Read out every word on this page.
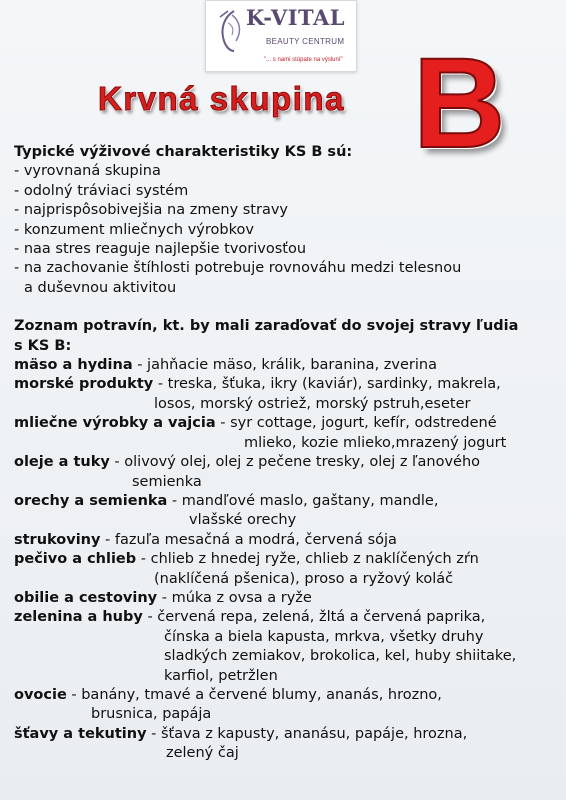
K-VITAL
BEAUTY CENTRUM
"... s nami stúpate na výsluní"
Krvná skupina B
Typické výživové charakteristiky KS B sú:
- vyrovnaná skupina
- odolný tráviaci systém
- najprispôsobivejšia na zmeny stravy
- konzument mliečnych výrobkov
- naa stres reaguje najlepšie tvorivosťou
- na zachovanie štíhlosti potrebuje rovnováhu medzi telesnou
a duševnou aktivitou
Zoznam potravín, kt. by mali zaraďovať do svojej stravy ľudia
s KS B:
mäso a hydina - jahňacie mäso, králik, baranina, zverina
morské produkty - treska, šťuka, ikry (kaviár), sardinky, makrela,
losos, morský ostriež, morský pstruh,eseter
mliečne výrobky a vajcia - syr cottage, jogurt, kefír, odstredené
mlieko, kozie mlieko,mrazený jogurt
oleje a tuky - olivový olej, olej z pečene tresky, olej z ľanového
semienka
orechy a semienka - mandľové maslo, gaštany, mandle,
vlašské orechy
strukoviny - fazuľa mesačná a modrá, červená sója
pečivo a chlieb - chlieb z hnedej ryže, chlieb z naklíčených zŕn
(naklíčená pšenica), proso a ryžový koláč
obilie a cestoviny - múka z ovsa a ryže
zelenina a huby - červená repa, zelená, žltá a červená paprika,
čínska a biela kapusta, mrkva, všetky druhy
sladkých zemiakov, brokolica, kel, huby shiitake,
karfiol, petržlen
ovocie - banány, tmavé a červené blumy, ananás, hrozno,
brusnica, papája
šťavy a tekutiny - šťava z kapusty, ananásu, papáje, hrozna,
zelený čaj
